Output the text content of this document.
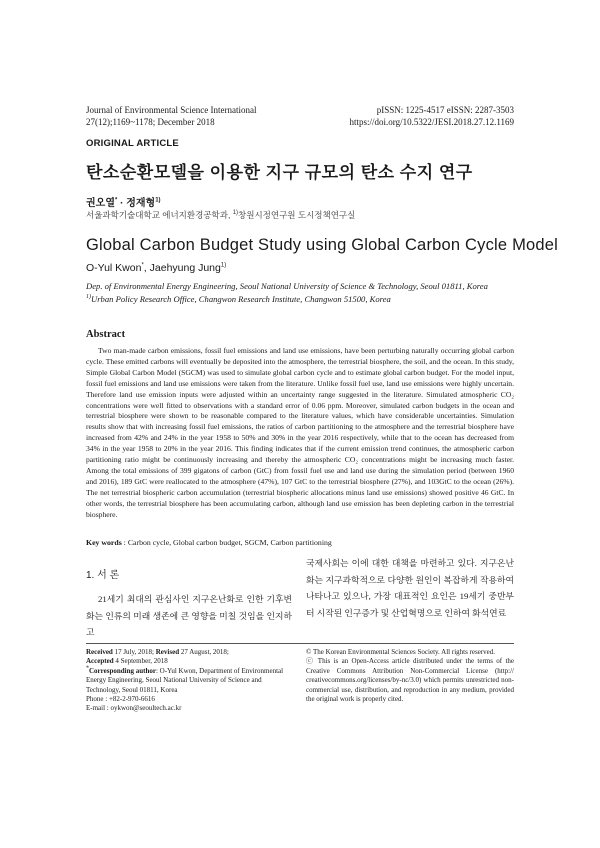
Journal of Environmental Science International
27(12);1169~1178; December 2018
pISSN: 1225-4517 eISSN: 2287-3503
https://doi.org/10.5322/JESI.2018.27.12.1169
ORIGINAL ARTICLE
탄소순환모델을 이용한 지구 규모의 탄소 수지 연구
권오열* · 정재형$^{1)}$
서울과학기술대학교 에너지환경공학과, $^{1)}$창원시정연구원 도시정책연구실
Global Carbon Budget Study using Global Carbon Cycle Model
O-Yul Kwon*, Jaehyung Jung$^{1)}$
Dep. of Environmental Energy Engineering, Seoul National University of Science & Technology, Seoul 01811, Korea
$^{1)}$Urban Policy Research Office, Changwon Research Institute, Changwon 51500, Korea
Abstract

Two man-made carbon emissions, fossil fuel emissions and land use emissions, have been perturbing naturally occurring global carbon cycle. These emitted carbons will eventually be deposited into the atmosphere, the terrestrial biosphere, the soil, and the ocean. In this study, Simple Global Carbon Model (SGCM) was used to simulate global carbon cycle and to estimate global carbon budget. For the model input, fossil fuel emissions and land use emissions were taken from the literature. Unlike fossil fuel use, land use emissions were highly uncertain. Therefore land use emission inputs were adjusted within an uncertainty range suggested in the literature. Simulated atmospheric CO₂ concentrations were well fitted to observations with a standard error of 0.06 ppm. Moreover, simulated carbon budgets in the ocean and terrestrial biosphere were shown to be reasonable compared to the literature values, which have considerable uncertainties. Simulation results show that with increasing fossil fuel emissions, the ratios of carbon partitioning to the atmosphere and the terrestrial biosphere have increased from 42% and 24% in the year 1958 to 50% and 30% in the year 2016 respectively, while that to the ocean has decreased from 34% in the year 1958 to 20% in the year 2016. This finding indicates that if the current emission trend continues, the atmospheric carbon partitioning ratio might be continuously increasing and thereby the atmospheric CO₂ concentrations might be increasing much faster. Among the total emissions of 399 gigatons of carbon (GtC) from fossil fuel use and land use during the simulation period (between 1960 and 2016), 189 GtC were reallocated to the atmosphere (47%), 107 GtC to the terrestrial biosphere (27%), and 103GtC to the ocean (26%). The net terrestrial biospheric carbon accumulation (terrestrial biospheric allocations minus land use emissions) showed positive 46 GtC. In other words, the terrestrial biosphere has been accumulating carbon, although land use emission has been depleting carbon in the terrestrial biosphere.

Key words : Carbon cycle, Global carbon budget, SGCM, Carbon partitioning
1. 서 론

21세기 최대의 관심사인 지구온난화로 인한 기후변화는 인류의 미래 생존에 큰 영향을 미칠 것임을 인지하고

국제사회는 이에 대한 대책을 마련하고 있다. 지구온난화는 지구과학적으로 다양한 원인이 복잡하게 작용하여 나타나고 있으나, 가장 대표적인 요인은 19세기 중반부터 시작된 인구증가 및 산업혁명으로 인하여 화석연료

Received 17 July, 2018; Revised 27 August, 2018;

Accepted 4 September, 2018

*Corresponding author: O-Yul Kwon, Department of Environmental Energy Engineering, Seoul National University of Science and Technology, Seoul 01811, Korea

Phone : +82-2-970-6616

E-mail : oykwon@seoultech.ac.kr

© The Korean Environmental Sciences Society. All rights reserved.

ⓒ This is an Open-Access article distributed under the terms of the Creative Commons Attribution Non-Commercial License (http:// creativecommons.org/licenses/by-nc/3.0) which permits unrestricted non-commercial use, distribution, and reproduction in any medium, provided the original work is properly cited.
